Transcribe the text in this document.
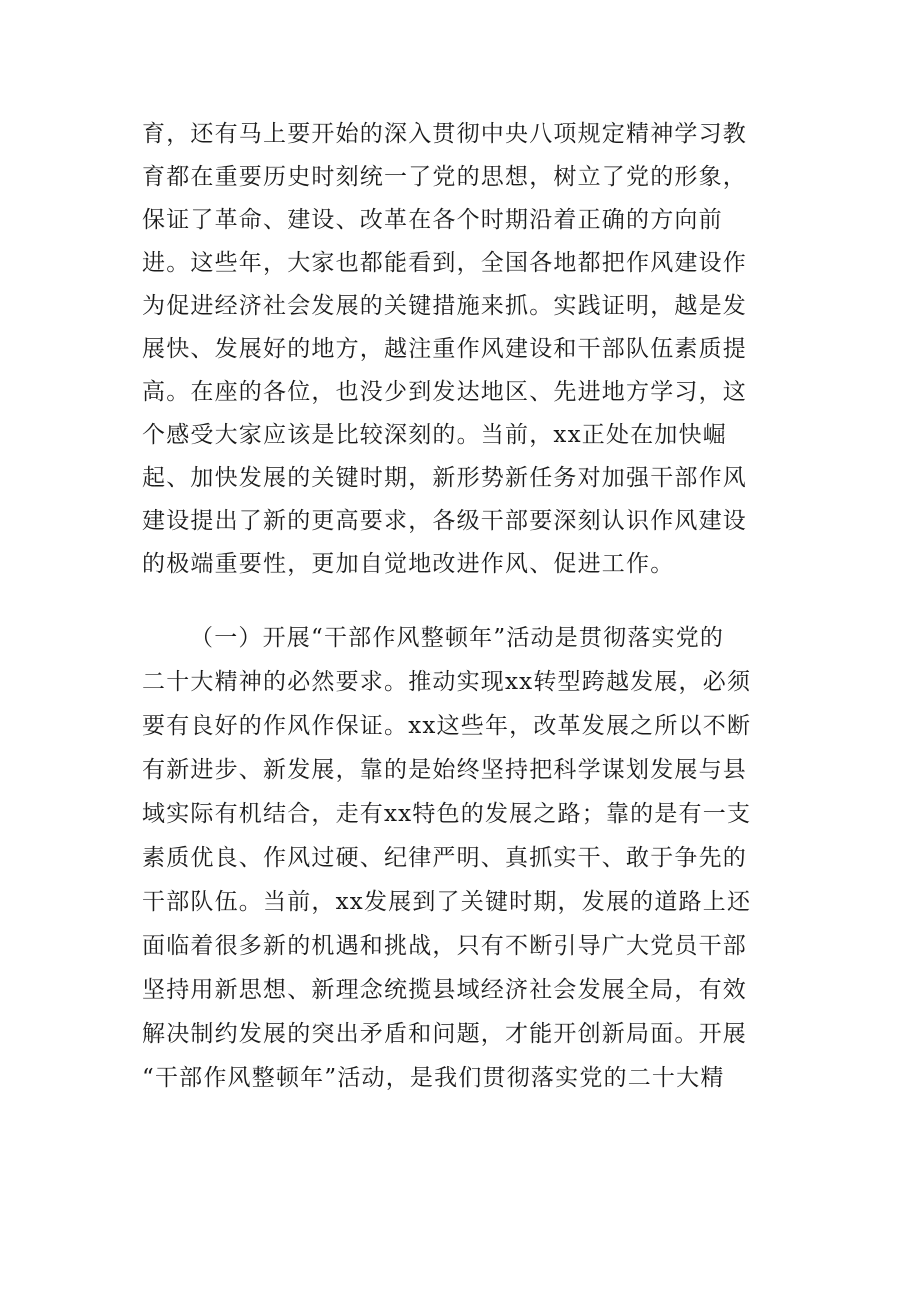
育，还有马上要开始的深入贯彻中央八项规定精神学习教
育都在重要历史时刻统一了党的思想，树立了党的形象，
保证了革命、建设、改革在各个时期沿着正确的方向前
进。这些年，大家也都能看到，全国各地都把作风建设作
为促进经济社会发展的关键措施来抓。实践证明，越是发
展快、发展好的地方，越注重作风建设和干部队伍素质提
高。在座的各位，也没少到发达地区、先进地方学习，这
个感受大家应该是比较深刻的。当前，xx正处在加快崛
起、加快发展的关键时期，新形势新任务对加强干部作风
建设提出了新的更高要求，各级干部要深刻认识作风建设
的极端重要性，更加自觉地改进作风、促进工作。
（一）开展“干部作风整顿年”活动是贯彻落实党的
二十大精神的必然要求。推动实现xx转型跨越发展，必须
要有良好的作风作保证。xx这些年，改革发展之所以不断
有新进步、新发展，靠的是始终坚持把科学谋划发展与县
域实际有机结合，走有xx特色的发展之路；靠的是有一支
素质优良、作风过硬、纪律严明、真抓实干、敢于争先的
干部队伍。当前，xx发展到了关键时期，发展的道路上还
面临着很多新的机遇和挑战，只有不断引导广大党员干部
坚持用新思想、新理念统揽县域经济社会发展全局，有效
解决制约发展的突出矛盾和问题，才能开创新局面。开展
“干部作风整顿年”活动，是我们贯彻落实党的二十大精
